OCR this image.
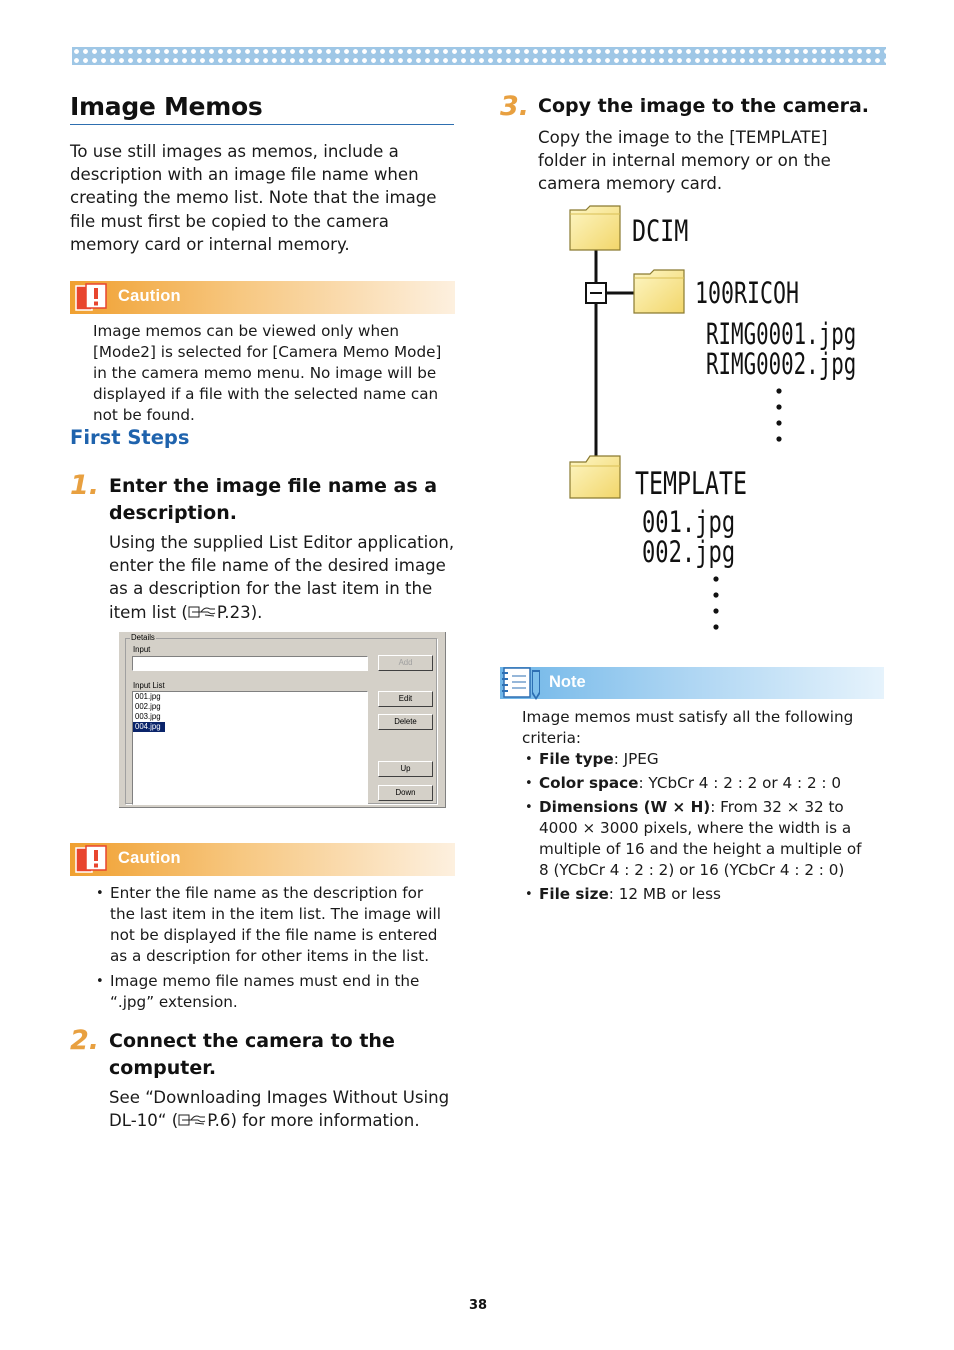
Image Memos
To use still images as memos, include a description with an image file name when creating the memo list. Note that the image file must first be copied to the camera memory card or internal memory.
Caution
Image memos can be viewed only when [Mode2] is selected for [Camera Memo Mode] in the camera memo menu. No image will be displayed if a file with the selected name can not be found.
First Steps
1. Enter the image file name as a description.
Using the supplied List Editor application, enter the file name of the desired image as a description for the last item in the item list ( P.23).
Details
Input
Add
Input List
001.jpg
002.jpg
003.jpg
004.jpg
Edit
Delete
Up
Down
Caution
• Enter the file name as the description for the last item in the item list. The image will not be displayed if the file name is entered as a description for other items in the list.
• Image memo file names must end in the “.jpg” extension.
2. Connect the camera to the computer.
See “Downloading Images Without Using DL-10“ ( P.6) for more information.
3. Copy the image to the camera.
Copy the image to the [TEMPLATE] folder in internal memory or on the camera memory card.
DCIM
100RICOH
RIMG0001.jpg
RIMG0002.jpg
TEMPLATE
001.jpg
002.jpg
Note
Image memos must satisfy all the following criteria:
• File type: JPEG
• Color space: YCbCr 4 : 2 : 2 or 4 : 2 : 0
• Dimensions (W × H): From 32 × 32 to 4000 × 3000 pixels, where the width is a multiple of 16 and the height a multiple of 8 (YCbCr 4 : 2 : 2) or 16 (YCbCr 4 : 2 : 0)
• File size: 12 MB or less
38
